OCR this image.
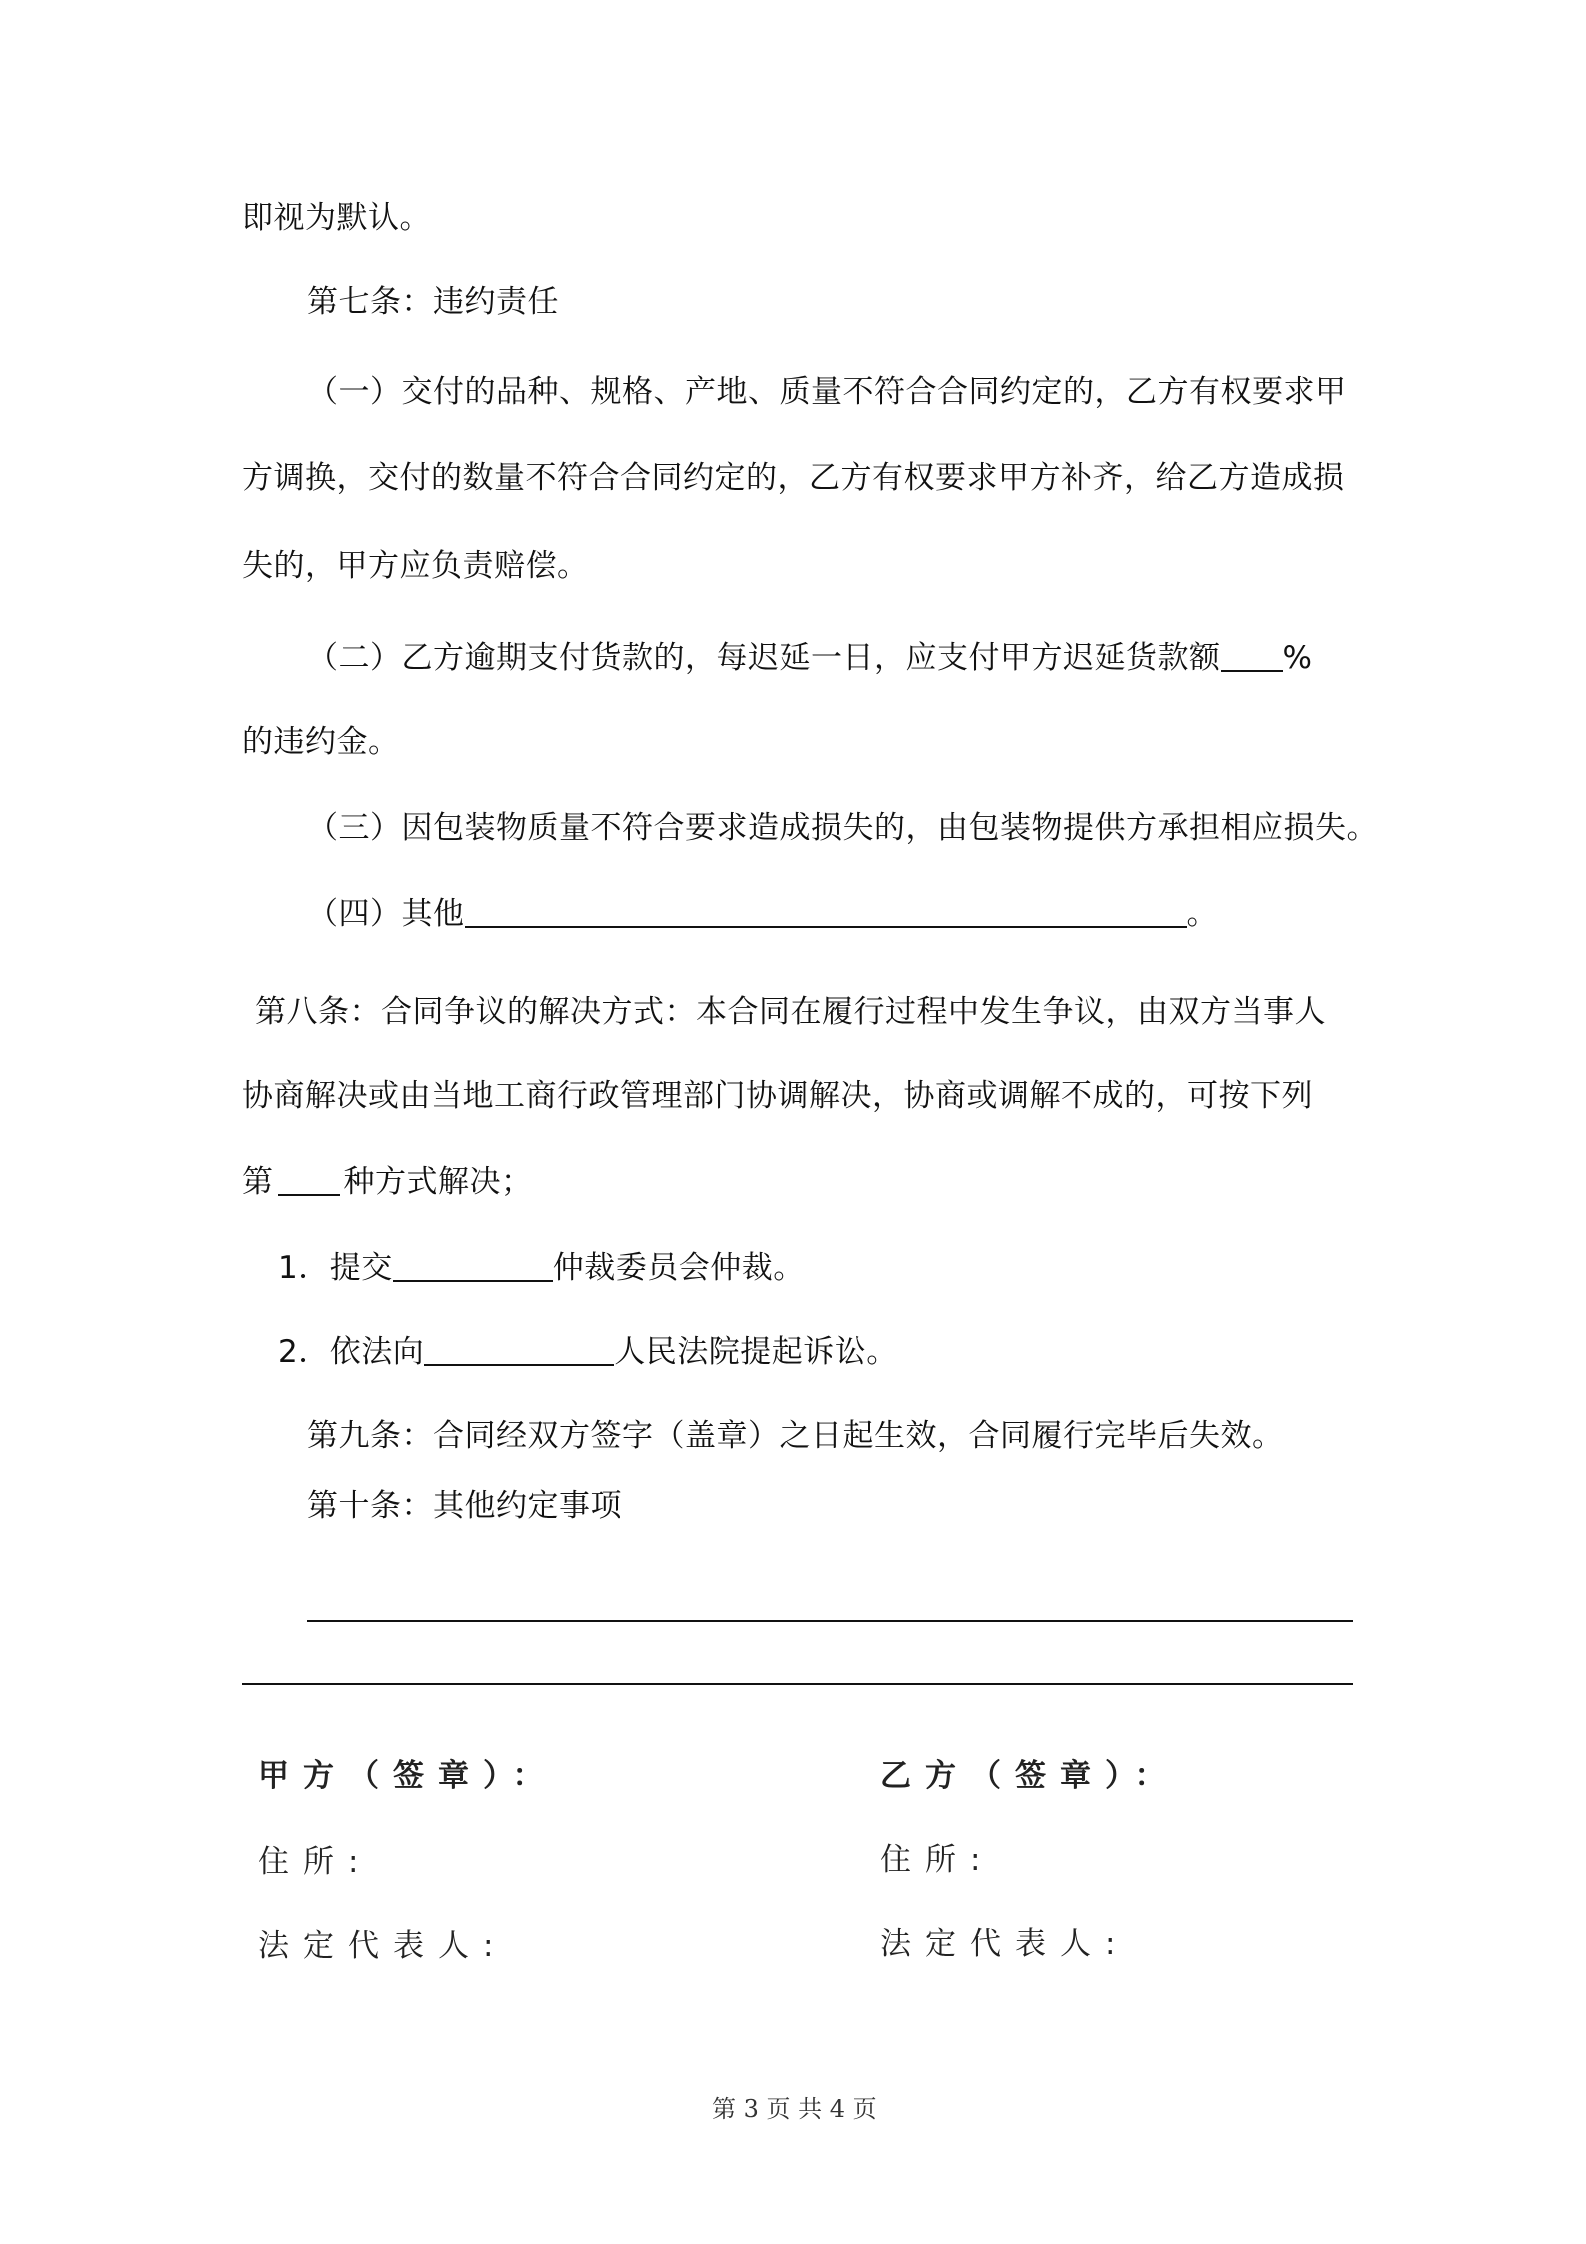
即视为默认。
第七条：违约责任
（一）交付的品种、规格、产地、质量不符合合同约定的，乙方有权要求甲
方调换，交付的数量不符合合同约定的，乙方有权要求甲方补齐，给乙方造成损
失的，甲方应负责赔偿。
（二）乙方逾期支付货款的，每迟延一日，应支付甲方迟延货款额 %
的违约金。
（三）因包装物质量不符合要求造成损失的，由包装物提供方承担相应损失。
（四）其他	。
第八条：合同争议的解决方式：本合同在履行过程中发生争议，由双方当事人
协商解决或由当地工商行政管理部门协调解决，协商或调解不成的，可按下列
第 种方式解决；
1．提交	仲裁委员会仲裁。
2．依法向	人民法院提起诉讼。
第九条：合同经双方签字（盖章）之日起生效，合同履行完毕后失效。
第十条：其他约定事项
甲方（签章）：	乙方（签章）：
住所:	住所:
法定代表人:	法定代表人:
第 3 页 共 4 页
